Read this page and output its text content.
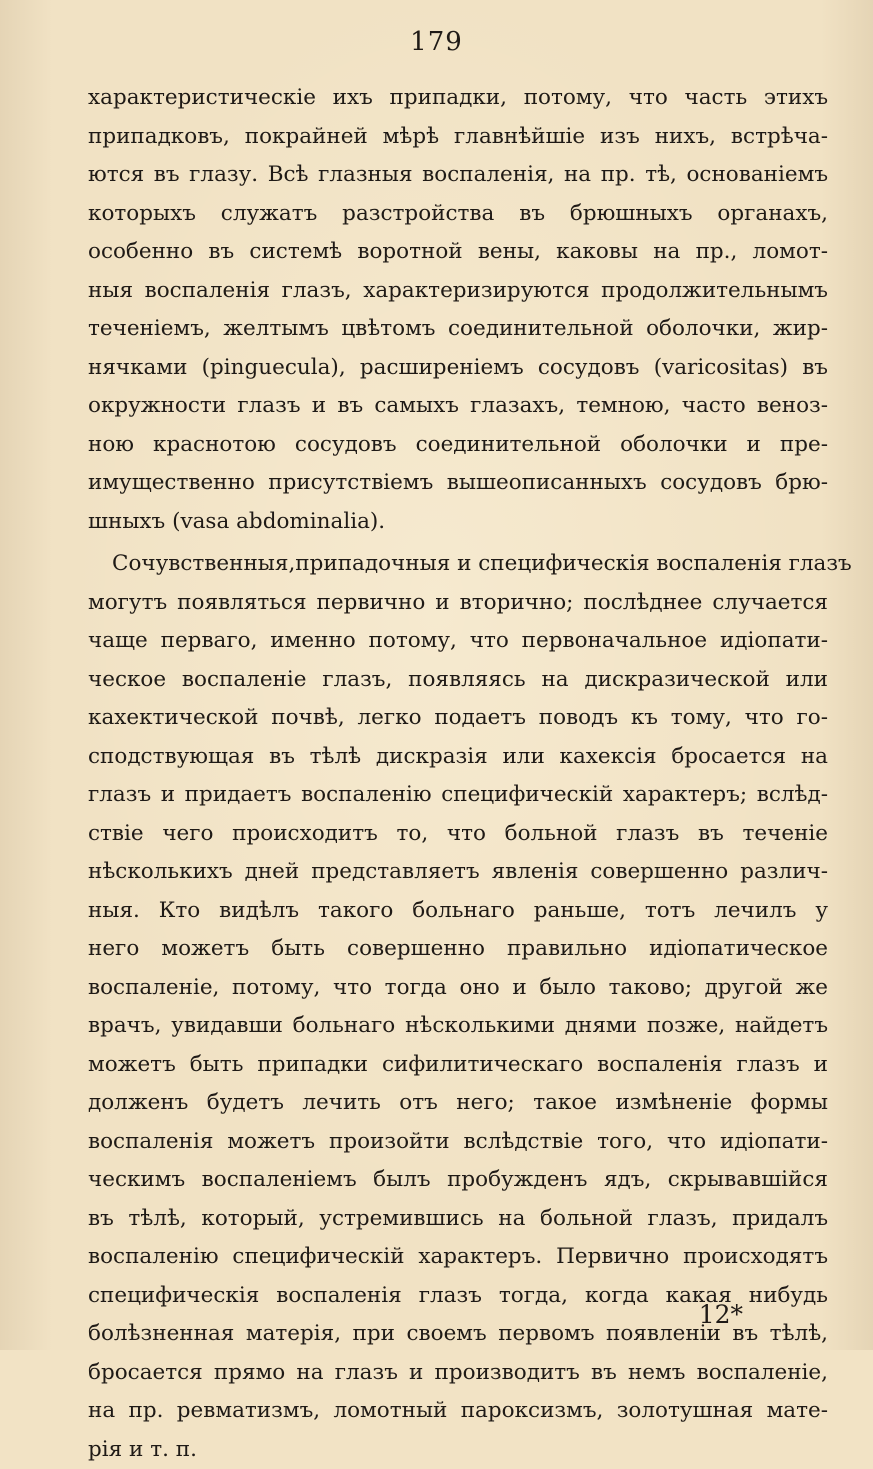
179
характеристическіе ихъ припадки, потому, что часть этихъ
припадковъ, покрайней мѣрѣ главнѣйшіе изъ нихъ, встрѣча-
ются въ глазу. Всѣ глазныя воспаленія, на пр. тѣ, основаніемъ
которыхъ служатъ разстройства въ брюшныхъ органахъ,
особенно въ системѣ воротной вены, каковы на пр., ломот-
ныя воспаленія глазъ, характеризируются продолжительнымъ
теченіемъ, желтымъ цвѣтомъ соединительной оболочки, жир-
нячками (pinguecula), расширеніемъ сосудовъ (varicositas) въ
окружности глазъ и въ самыхъ глазахъ, темною, часто веноз-
ною краснотою сосудовъ соединительной оболочки и пре-
имущественно присутствіемъ вышеописанныхъ сосудовъ брю-
шныхъ (vasa abdominalia).
Сочувственныя,припадочныя и специфическія воспаленія глазъ
могутъ появляться первично и вторично; послѣднее случается
чаще перваго, именно потому, что первоначальное идіопати-
ческое воспаленіе глазъ, появляясь на дискразической или
кахектической почвѣ, легко подаетъ поводъ къ тому, что го-
сподствующая въ тѣлѣ дискразія или кахексія бросается на
глазъ и придаетъ воспаленію специфическій характеръ; вслѣд-
ствіе чего происходитъ то, что больной глазъ въ теченіе
нѣсколькихъ дней представляетъ явленія совершенно различ-
ныя. Кто видѣлъ такого больнаго раньше, тотъ лечилъ у
него можетъ быть совершенно правильно идіопатическое
воспаленіе, потому, что тогда оно и было таково; другой же
врачъ, увидавши больнаго нѣсколькими днями позже, найдетъ
можетъ быть припадки сифилитическаго воспаленія глазъ и
долженъ будетъ лечить отъ него; такое измѣненіе формы
воспаленія можетъ произойти вслѣдствіе того, что идіопати-
ческимъ воспаленіемъ былъ пробужденъ ядъ, скрывавшійся
въ тѣлѣ, который, устремившись на больной глазъ, придалъ
воспаленію специфическій характеръ. Первично происходятъ
специфическія воспаленія глазъ тогда, когда какая нибудь
болѣзненная матерія, при своемъ первомъ появленіи въ тѣлѣ,
бросается прямо на глазъ и производитъ въ немъ воспаленіе,
на пр. ревматизмъ, ломотный пароксизмъ, золотушная мате-
рія и т. п.
12*
